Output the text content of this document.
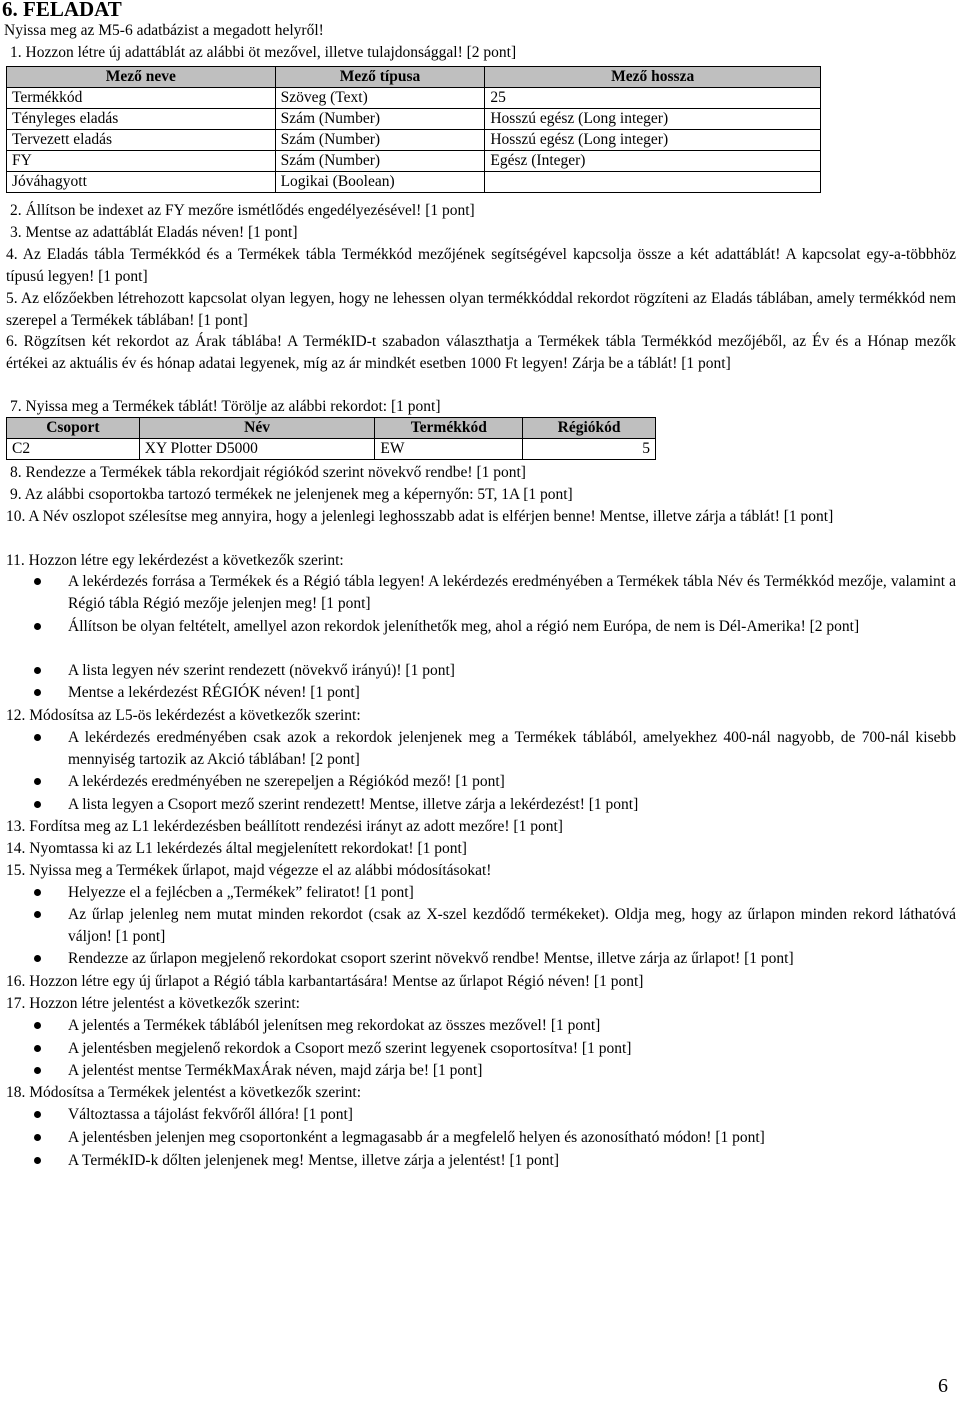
6. FELADAT
Nyissa meg az M5-6 adatbázist a megadott helyről!
1. Hozzon létre új adattáblát az alábbi öt mezővel, illetve tulajdonsággal! [2 pont]
Mező neve	Mező típusa	Mező hossza
Termékkód	Szöveg (Text)	25
Tényleges eladás	Szám (Number)	Hosszú egész (Long integer)
Tervezett eladás	Szám (Number)	Hosszú egész (Long integer)
FY	Szám (Number)	Egész (Integer)
Jóváhagyott	Logikai (Boolean)	
2. Állítson be indexet az FY mezőre ismétlődés engedélyezésével! [1 pont]
3. Mentse az adattáblát Eladás néven! [1 pont]
4. Az Eladás tábla Termékkód és a Termékek tábla Termékkód mezőjének segítségével kapcsolja össze a két adattáblát! A kapcsolat egy-a-többhöz típusú legyen! [1 pont]
5. Az előzőekben létrehozott kapcsolat olyan legyen, hogy ne lehessen olyan termékkóddal rekordot rögzíteni az Eladás táblában, amely termékkód nem szerepel a Termékek táblában! [1 pont]
6. Rögzítsen két rekordot az Árak táblába! A TermékID-t szabadon választhatja a Termékek tábla Termékkód mezőjéből, az Év és a Hónap mezők értékei az aktuális év és hónap adatai legyenek, míg az ár mindkét esetben 1000 Ft legyen! Zárja be a táblát! [1 pont]
7. Nyissa meg a Termékek táblát! Törölje az alábbi rekordot: [1 pont]
Csoport	Név	Termékkód	Régiókód
C2	XY Plotter D5000	EW	5
8. Rendezze a Termékek tábla rekordjait régiókód szerint növekvő rendbe! [1 pont]
9. Az alábbi csoportokba tartozó termékek ne jelenjenek meg a képernyőn: 5T, 1A [1 pont]
10. A Név oszlopot szélesítse meg annyira, hogy a jelenlegi leghosszabb adat is elférjen benne! Mentse, illetve zárja a táblát! [1 pont]
11. Hozzon létre egy lekérdezést a következők szerint:
A lekérdezés forrása a Termékek és a Régió tábla legyen! A lekérdezés eredményében a Termékek tábla Név és Termékkód mezője, valamint a Régió tábla Régió mezője jelenjen meg! [1 pont]
Állítson be olyan feltételt, amellyel azon rekordok jeleníthetők meg, ahol a régió nem Európa, de nem is Dél-Amerika! [2 pont]
A lista legyen név szerint rendezett (növekvő irányú)! [1 pont]
Mentse a lekérdezést RÉGIÓK néven! [1 pont]
12. Módosítsa az L5-ös lekérdezést a következők szerint:
A lekérdezés eredményében csak azok a rekordok jelenjenek meg a Termékek táblából, amelyekhez 400-nál nagyobb, de 700-nál kisebb mennyiség tartozik az Akció táblában! [2 pont]
A lekérdezés eredményében ne szerepeljen a Régiókód mező! [1 pont]
A lista legyen a Csoport mező szerint rendezett! Mentse, illetve zárja a lekérdezést! [1 pont]
13. Fordítsa meg az L1 lekérdezésben beállított rendezési irányt az adott mezőre! [1 pont]
14. Nyomtassa ki az L1 lekérdezés által megjelenített rekordokat! [1 pont]
15. Nyissa meg a Termékek űrlapot, majd végezze el az alábbi módosításokat!
Helyezze el a fejlécben a „Termékek” feliratot! [1 pont]
Az űrlap jelenleg nem mutat minden rekordot (csak az X-szel kezdődő termékeket). Oldja meg, hogy az űrlapon minden rekord láthatóvá váljon! [1 pont]
Rendezze az űrlapon megjelenő rekordokat csoport szerint növekvő rendbe! Mentse, illetve zárja az űrlapot! [1 pont]
16. Hozzon létre egy új űrlapot a Régió tábla karbantartására! Mentse az űrlapot Régió néven! [1 pont]
17. Hozzon létre jelentést a következők szerint:
A jelentés a Termékek táblából jelenítsen meg rekordokat az összes mezővel! [1 pont]
A jelentésben megjelenő rekordok a Csoport mező szerint legyenek csoportosítva! [1 pont]
A jelentést mentse TermékMaxÁrak néven, majd zárja be! [1 pont]
18. Módosítsa a Termékek jelentést a következők szerint:
Változtassa a tájolást fekvőről állóra! [1 pont]
A jelentésben jelenjen meg csoportonként a legmagasabb ár a megfelelő helyen és azonosítható módon! [1 pont]
A TermékID-k dőlten jelenjenek meg! Mentse, illetve zárja a jelentést! [1 pont]
6
